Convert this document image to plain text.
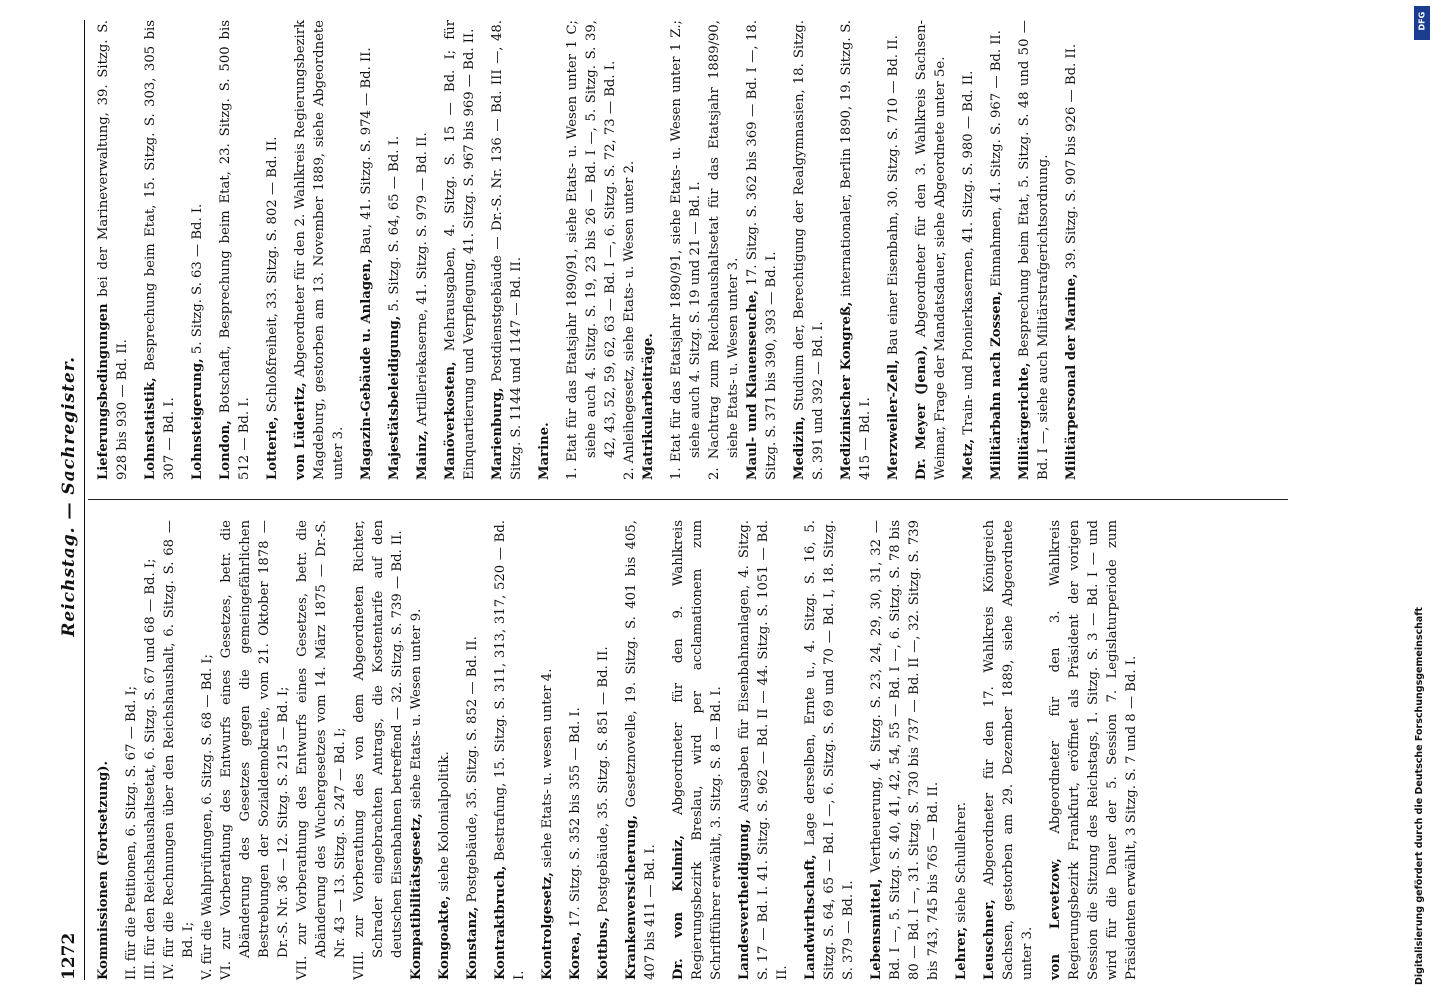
1272
Reichstag. — Sachregister.
Kommissionen (Fortsetzung). II. für die Petitionen, 6. Sitzg. S. 67 — Bd. I; III. für den Reichshaushaltsetat, 6. Sitzg. S. 67 und 68 — Bd. I; IV. für die Rechnungen über den Reichshaushalt, 6. Sitzg. S. 68 — Bd. I; V. für die Wahlprüfungen, 6. Sitzg. S. 68 — Bd. I; VI. zur Vorberathung des Entwurfs eines Gesetzes, betr. die Abänderung des Gesetzes gegen die gemeingefährlichen Bestrebungen der Sozialdemokratie, vom 21. Oktober 1878 — Dr.-S. Nr. 36 — 12. Sitzg. S. 215 — Bd. I; VII. zur Vorberathung des Entwurfs eines Gesetzes, betr. die Abänderung des Wuchergesetzes vom 14. März 1875 — Dr.-S. Nr. 43 — 13. Sitzg. S. 247 — Bd. I; VIII. zur Vorberathung des von dem Abgeordneten Richter, Schrader eingebrachten Antrags, die Kostentarife auf den deutschen Eisenbahnen betreffend — 32. Sitzg. S. 739 — Bd. II. Kompatibilitätsgesetz, siehe Etats- u. Wesen unter 9.
Kongoakte, siehe Kolonialpolitik.
Konstanz, Postgebäude, 35. Sitzg. S. 852 — Bd. II.
Kontraktbruch, Bestrafung, 15. Sitzg. S. 311, 313, 317, 520 — Bd. I. Kontrolgesetz, siehe Etats- u. wesen unter 4.
Korea, 17. Sitzg. S. 352 bis 355 — Bd. I.
Kottbus, Postgebäude, 35. Sitzg. S. 851 — Bd. II. Krankenversicherung, Gesetznovelle, 19. Sitzg. S. 401 bis 405, 407 bis 411 — Bd. I. Dr. von Kulmiz, Abgeordneter für den 9. Wahlkreis Regierungsbezirk Breslau, wird per acclamationem zum Schriftführer erwählt, 3. Sitzg. S. 8 — Bd. I. Landesvertheidigung, Ausgaben für Eisenbahnanlagen, 4. Sitzg. S. 17 — Bd. I. 41. Sitzg. S. 962 — Bd. II — 44. Sitzg. S. 1051 — Bd. II. Landwirthschaft, Lage derselben, Ernte u., 4. Sitzg. S. 16, 5. Sitzg. S. 64, 65 — Bd. I —, 6. Sitzg. S. 69 und 70 — Bd. I, 18. Sitzg. S. 379 — Bd. I. Lebensmittel, Vertheuerung, 4. Sitzg. S. 23, 24, 29, 30, 31, 32 — Bd. I —, 5. Sitzg. S. 40, 41, 42, 54, 55 — Bd. I —, 6. Sitzg. S. 78 bis 80 — Bd. I —, 31. Sitzg. S. 730 bis 737 — Bd. II —, 32. Sitzg. S. 739 bis 743, 745 bis 765 — Bd. II. Lehrer, siehe Schullehrer.
Leuschner, Abgeordneter für den 17. Wahlkreis Königreich Sachsen, gestorben am 29. Dezember 1889, siehe Abgeordnete unter 3. von Levetzow, Abgeordneter für den 3. Wahlkreis Regierungsbezirk Frankfurt, eröffnet als Präsident der vorigen Session die Sitzung des Reichstags, 1. Sitzg. S. 3 — Bd. I — und wird für die Dauer der 5. Session 7. Legislaturperiode zum Präsidenten erwählt, 3 Sitzg. S. 7 und 8 — Bd. I.
Lieferungsbedingungen bei der Marineverwaltung, 39. Sitzg. S. 928 bis 930 — Bd. II. Lohnstatistik, Besprechung beim Etat, 15. Sitzg. S. 303, 305 bis 307 — Bd. I. Lohnsteigerung, 5. Sitzg. S. 63 — Bd. I.
London, Botschaft, Besprechung beim Etat, 23. Sitzg. S. 500 bis 512 — Bd. I. Lotterie, Schloßfreiheit, 33. Sitzg. S. 802 — Bd. II.
von Lüderitz, Abgeordneter für den 2. Wahlkreis Regierungsbezirk Magdeburg, gestorben am 13. November 1889, siehe Abgeordnete unter 3. Magazin-Gebäude u. Anlagen, Bau, 41. Sitzg. S. 974 — Bd. II.
Majestätsbeleidigung, 5. Sitzg. S. 64, 65 — Bd. I.
Mainz, Artilleriekaserne, 41. Sitzg. S. 979 — Bd. II. Manöverkosten, Mehrausgaben, 4. Sitzg. S. 15 — Bd. I; für Einquartierung und Verpflegung, 41. Sitzg. S. 967 bis 969 — Bd. II. Marienburg, Postdienstgebäude — Dr.-S. Nr. 136 — Bd. III —, 48. Sitzg. S. 1144 und 1147 — Bd. II. Marine. 1. Etat für das Etatsjahr 1890/91, siehe Etats- u. Wesen unter 1 C; siehe auch 4. Sitzg. S. 19, 23 bis 26 — Bd. I —, 5. Sitzg. S. 39, 42, 43, 52, 59, 62, 63 — Bd. I —, 6. Sitzg. S. 72, 73 — Bd. I. 2. Anleihegesetz, siehe Etats- u. Wesen unter 2. Matrikularbeiträge. 1. Etat für das Etatsjahr 1890/91, siehe Etats- u. Wesen unter 1 Z.; siehe auch 4. Sitzg. S. 19 und 21 — Bd. I. 2. Nachtrag zum Reichshaushaltsetat für das Etatsjahr 1889/90, siehe Etats- u. Wesen unter 3. Maul- und Klauenseuche, 17. Sitzg. S. 362 bis 369 — Bd. I —, 18. Sitzg. S. 371 bis 390, 393 — Bd. I. Medizin, Studium der, Berechtigung der Realgymnasien, 18. Sitzg. S. 391 und 392 — Bd. I. Medizinischer Kongreß, internationaler, Berlin 1890, 19. Sitzg. S. 415 — Bd. I. Merzweiler-Zell, Bau einer Eisenbahn, 30. Sitzg. S. 710 — Bd. II.
Dr. Meyer (Jena), Abgeordneter für den 3. Wahlkreis Sachsen-Weimar, Frage der Mandatsdauer, siehe Abgeordnete unter 5e. Metz, Train- und Pionierkasernen, 41. Sitzg. S. 980 — Bd. II. Militärbahn nach Zossen, Einnahmen, 41. Sitzg. S. 967 — Bd. II.
Militärgerichte, Besprechung beim Etat, 5. Sitzg. S. 48 und 50 — Bd. I —, siehe auch Militärstrafgerichtsordnung. Militärpersonal der Marine, 39. Sitzg. S. 907 bis 926 — Bd. II.
Digitalisierung gefördert durch die Deutsche Forschungsgemeinschaft
DFG
